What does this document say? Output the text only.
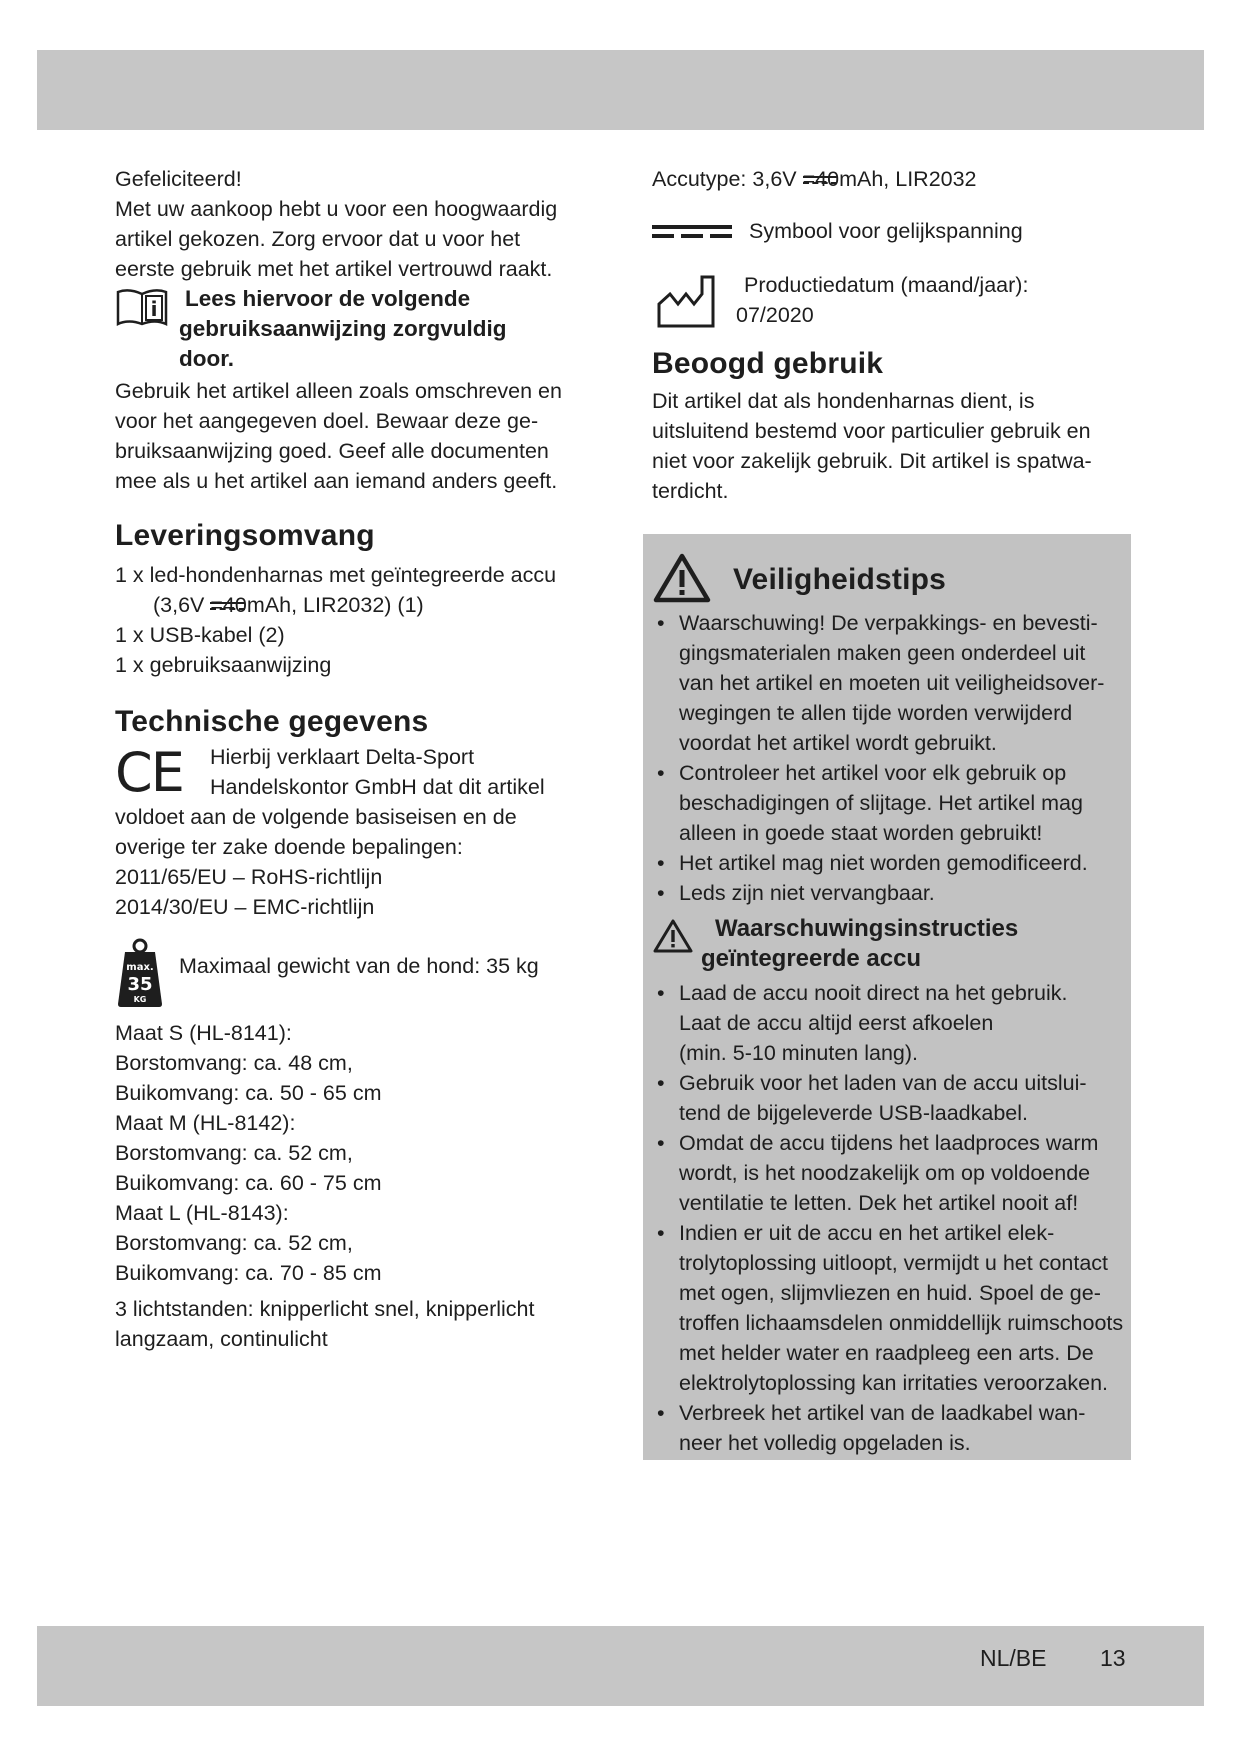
Gefeliciteerd!

Met uw aankoop hebt u voor een hoogwaardig

artikel gekozen. Zorg ervoor dat u voor het

eerste gebruik met het artikel vertrouwd raakt.

i Lees hiervoor de volgende

gebruiksaanwijzing zorgvuldig

door.

Gebruik het artikel alleen zoals omschreven en

voor het aangegeven doel. Bewaar deze ge-

bruiksaanwijzing goed. Geef alle documenten

mee als u het artikel aan iemand anders geeft.

Leveringsomvang

1 x led-hondenharnas met geïntegreerde accu

(3,6V =40mAh, LIR2032) (1)

1 x USB-kabel (2)

1 x gebruiksaanwijzing

Technische gegevens
CE	Hierbij verklaart Delta-Sport

Handelskontor GmbH dat dit artikel

voldoet aan de volgende basiseisen en de

overige ter zake doende bepalingen:

2011/65/EU – RoHS-richtlijn

2014/30/EU – EMC-richtlijn

max.
35
KG
Maximaal gewicht van de hond: 35 kg

Maat S (HL-8141):

Borstomvang: ca. 48 cm,

Buikomvang: ca. 50 - 65 cm

Maat M (HL-8142):

Borstomvang: ca. 52 cm,

Buikomvang: ca. 60 - 75 cm

Maat L (HL-8143):

Borstomvang: ca. 52 cm,

Buikomvang: ca. 70 - 85 cm

3 lichtstanden: knipperlicht snel, knipperlicht

langzaam, continulicht

Accutype: 3,6V =40mAh, LIR2032

Symbool voor gelijkspanning

Productiedatum (maand/jaar):

07/2020

Beoogd gebruik

Dit artikel dat als hondenharnas dient, is

uitsluitend bestemd voor particulier gebruik en

niet voor zakelijk gebruik. Dit artikel is spatwa-

terdicht.

Veiligheidstips
• Waarschuwing! De verpakkings- en bevesti-
gingsmaterialen maken geen onderdeel uit
van het artikel en moeten uit veiligheidsover-
wegingen te allen tijde worden verwijderd
voordat het artikel wordt gebruikt.
• Controleer het artikel voor elk gebruik op
beschadigingen of slijtage. Het artikel mag
alleen in goede staat worden gebruikt!
• Het artikel mag niet worden gemodificeerd.
• Leds zijn niet vervangbaar.

Waarschuwingsinstructies

geïntegreerde accu

• Laad de accu nooit direct na het gebruik.
Laat de accu altijd eerst afkoelen
(min. 5-10 minuten lang).
• Gebruik voor het laden van de accu uitslui-
tend de bijgeleverde USB-laadkabel.
• Omdat de accu tijdens het laadproces warm
wordt, is het noodzakelijk om op voldoende
ventilatie te letten. Dek het artikel nooit af!
• Indien er uit de accu en het artikel elek-
trolytoplossing uitloopt, vermijdt u het contact
met ogen, slijmvliezen en huid. Spoel de ge-
troffen lichaamsdelen onmiddellijk ruimschoots
met helder water en raadpleeg een arts. De
elektrolytoplossing kan irritaties veroorzaken.
• Verbreek het artikel van de laadkabel wan-
neer het volledig opgeladen is.
NL/BE 13
